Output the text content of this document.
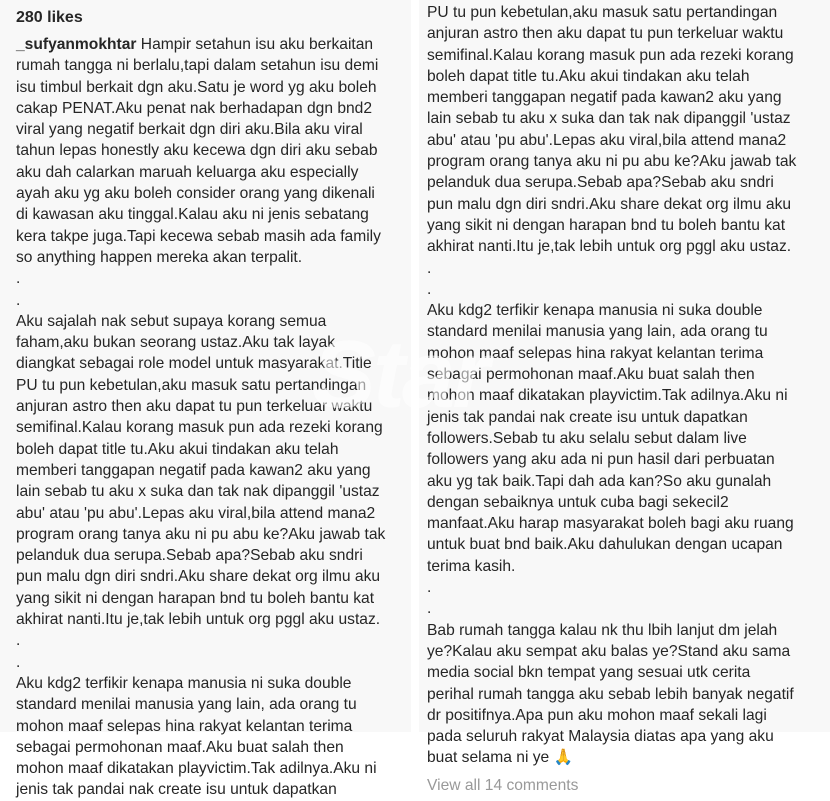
280 likes
_sufyanmokhtar Hampir setahun isu aku berkaitan
rumah tangga ni berlalu,tapi dalam setahun isu demi
isu timbul berkait dgn aku.Satu je word yg aku boleh
cakap PENAT.Aku penat nak berhadapan dgn bnd2
viral yang negatif berkait dgn diri aku.Bila aku viral
tahun lepas honestly aku kecewa dgn diri aku sebab
aku dah calarkan maruah keluarga aku especially
ayah aku yg aku boleh consider orang yang dikenali
di kawasan aku tinggal.Kalau aku ni jenis sebatang
kera takpe juga.Tapi kecewa sebab masih ada family
so anything happen mereka akan terpalit.
.
.
Aku sajalah nak sebut supaya korang semua
faham,aku bukan seorang ustaz.Aku tak layak
diangkat sebagai role model untuk masyarakat.Title
PU tu pun kebetulan,aku masuk satu pertandingan
anjuran astro then aku dapat tu pun terkeluar waktu
semifinal.Kalau korang masuk pun ada rezeki korang
boleh dapat title tu.Aku akui tindakan aku telah
memberi tanggapan negatif pada kawan2 aku yang
lain sebab tu aku x suka dan tak nak dipanggil 'ustaz
abu' atau 'pu abu'.Lepas aku viral,bila attend mana2
program orang tanya aku ni pu abu ke?Aku jawab tak
pelanduk dua serupa.Sebab apa?Sebab aku sndri
pun malu dgn diri sndri.Aku share dekat org ilmu aku
yang sikit ni dengan harapan bnd tu boleh bantu kat
akhirat nanti.Itu je,tak lebih untuk org pggl aku ustaz.
.
.
Aku kdg2 terfikir kenapa manusia ni suka double
standard menilai manusia yang lain, ada orang tu
mohon maaf selepas hina rakyat kelantan terima
sebagai permohonan maaf.Aku buat salah then
mohon maaf dikatakan playvictim.Tak adilnya.Aku ni
jenis tak pandai nak create isu untuk dapatkan
PU tu pun kebetulan,aku masuk satu pertandingan
anjuran astro then aku dapat tu pun terkeluar waktu
semifinal.Kalau korang masuk pun ada rezeki korang
boleh dapat title tu.Aku akui tindakan aku telah
memberi tanggapan negatif pada kawan2 aku yang
lain sebab tu aku x suka dan tak nak dipanggil 'ustaz
abu' atau 'pu abu'.Lepas aku viral,bila attend mana2
program orang tanya aku ni pu abu ke?Aku jawab tak
pelanduk dua serupa.Sebab apa?Sebab aku sndri
pun malu dgn diri sndri.Aku share dekat org ilmu aku
yang sikit ni dengan harapan bnd tu boleh bantu kat
akhirat nanti.Itu je,tak lebih untuk org pggl aku ustaz.
.
.
Aku kdg2 terfikir kenapa manusia ni suka double
standard menilai manusia yang lain, ada orang tu
mohon maaf selepas hina rakyat kelantan terima
sebagai permohonan maaf.Aku buat salah then
mohon maaf dikatakan playvictim.Tak adilnya.Aku ni
jenis tak pandai nak create isu untuk dapatkan
followers.Sebab tu aku selalu sebut dalam live
followers yang aku ada ni pun hasil dari perbuatan
aku yg tak baik.Tapi dah ada kan?So aku gunalah
dengan sebaiknya untuk cuba bagi sekecil2
manfaat.Aku harap masyarakat boleh bagi aku ruang
untuk buat bnd baik.Aku dahulukan dengan ucapan
terima kasih.
.
.
Bab rumah tangga kalau nk thu lbih lanjut dm jelah
ye?Kalau aku sempat aku balas ye?Stand aku sama
media social bkn tempat yang sesuai utk cerita
perihal rumah tangga aku sebab lebih banyak negatif
dr positifnya.Apa pun aku mohon maaf sekali lagi
pada seluruh rakyat Malaysia diatas apa yang aku
buat selama ni ye 🙏
View all 14 comments
Star
